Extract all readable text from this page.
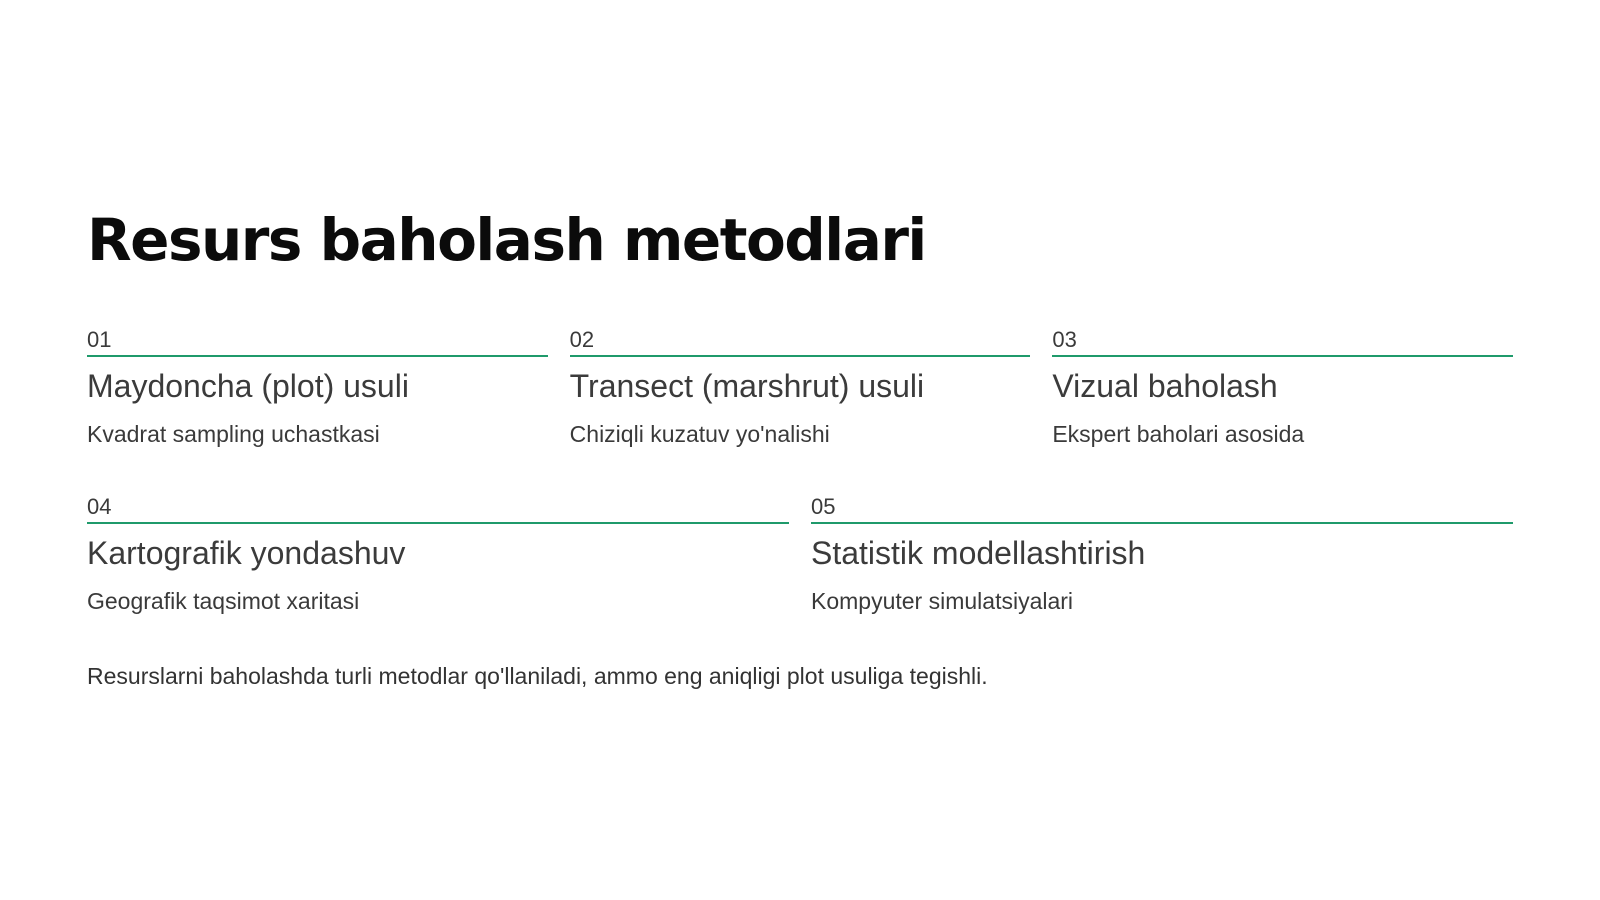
Resurs baholash metodlari
01
Maydoncha (plot) usuli
Kvadrat sampling uchastkasi
02
Transect (marshrut) usuli
Chiziqli kuzatuv yo'nalishi
03
Vizual baholash
Ekspert baholari asosida
04
Kartografik yondashuv
Geografik taqsimot xaritasi
05
Statistik modellashtirish
Kompyuter simulatsiyalari

Resurslarni baholashda turli metodlar qo'llaniladi, ammo eng aniqligi plot usuliga tegishli.
